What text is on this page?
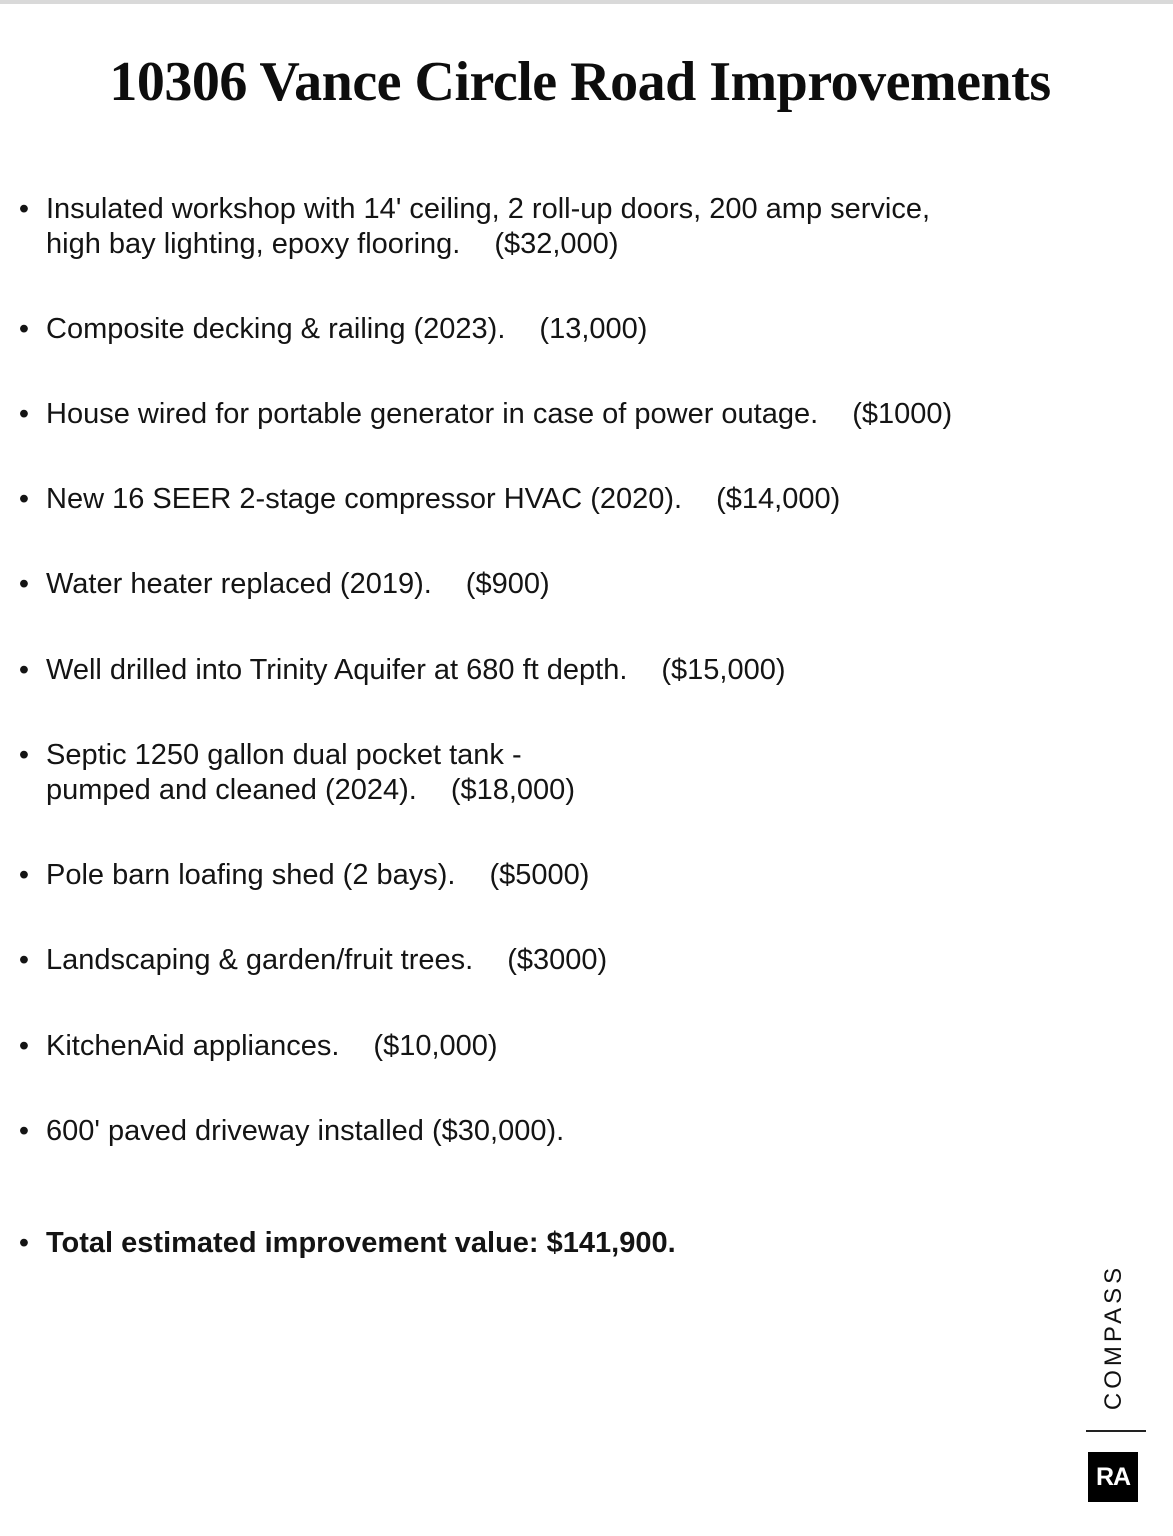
10306 Vance Circle Road Improvements
• Insulated workshop with 14' ceiling, 2 roll-up doors, 200 amp service,
high bay lighting, epoxy flooring. ($32,000)
• Composite decking & railing (2023). (13,000)
• House wired for portable generator in case of power outage. ($1000)
• New 16 SEER 2-stage compressor HVAC (2020). ($14,000)
• Water heater replaced (2019). ($900)
• Well drilled into Trinity Aquifer at 680 ft depth. ($15,000)
• Septic 1250 gallon dual pocket tank -
pumped and cleaned (2024). ($18,000)
• Pole barn loafing shed (2 bays). ($5000)
• Landscaping & garden/fruit trees. ($3000)
• KitchenAid appliances. ($10,000)
• 600' paved driveway installed ($30,000).
• Total estimated improvement value: $141,900.
COMPASS
RA
